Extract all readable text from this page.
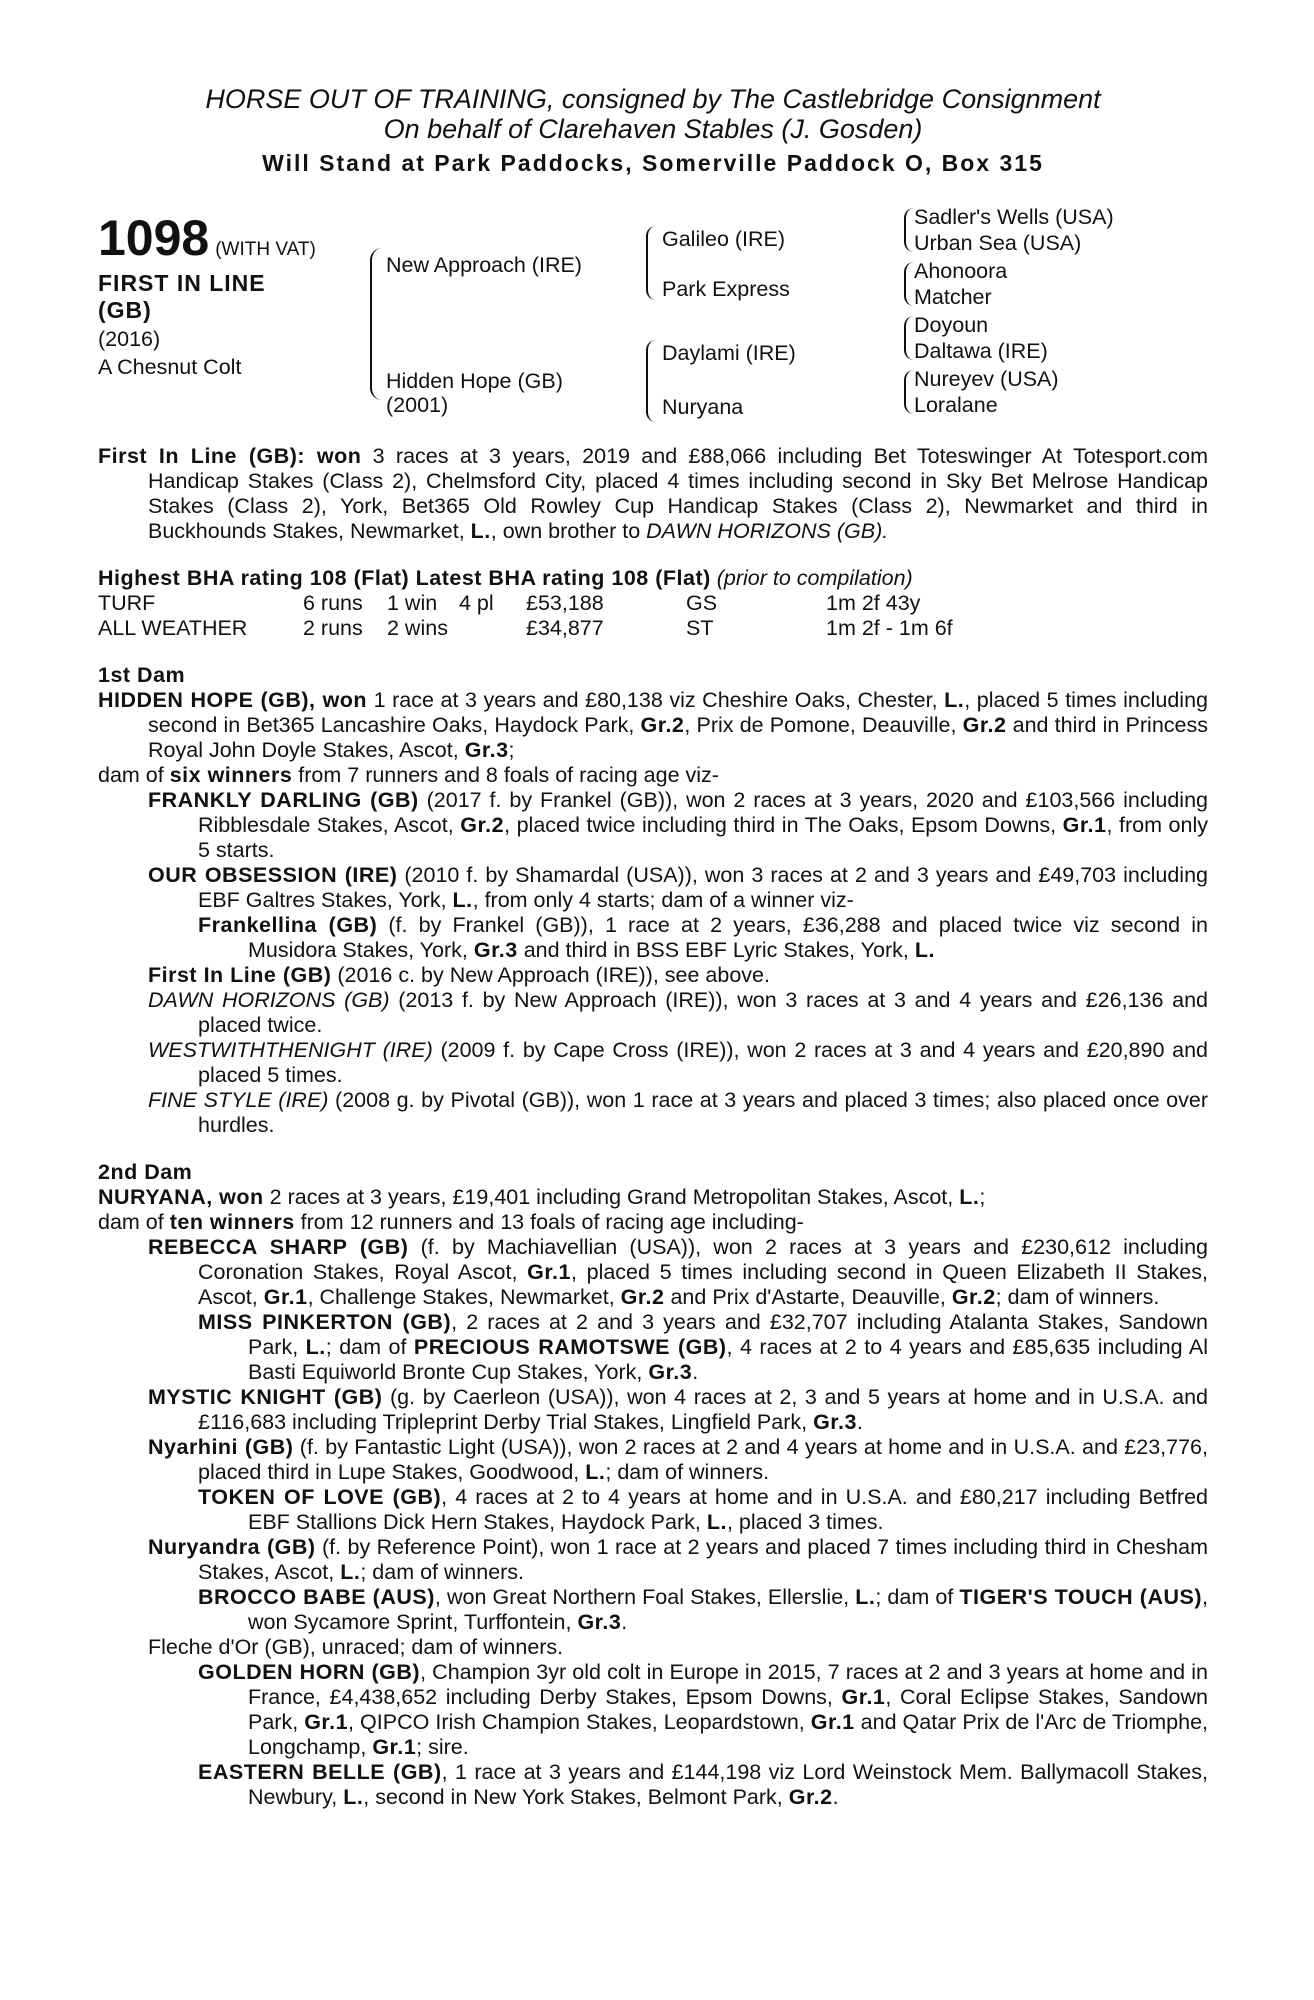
HORSE OUT OF TRAINING, consigned by The Castlebridge Consignment
On behalf of Clarehaven Stables (J. Gosden)
Will Stand at Park Paddocks, Somerville Paddock O, Box 315
1098 (WITH VAT)
FIRST IN LINE
(GB)
(2016)
A Chesnut Colt
New Approach (IRE)
Hidden Hope (GB)
(2001)
Galileo (IRE)
Park Express
Daylami (IRE)
Nuryana
Sadler's Wells (USA)
Urban Sea (USA)
Ahonoora
Matcher
Doyoun
Daltawa (IRE)
Nureyev (USA)
Loralane

First In Line (GB): won 3 races at 3 years, 2019 and £88,066 including Bet Toteswinger At Totesport.com Handicap Stakes (Class 2), Chelmsford City, placed 4 times including second in Sky Bet Melrose Handicap Stakes (Class 2), York, Bet365 Old Rowley Cup Handicap Stakes (Class 2), Newmarket and third in Buckhounds Stakes, Newmarket, L., own brother to DAWN HORIZONS (GB).

Highest BHA rating 108 (Flat) Latest BHA rating 108 (Flat) (prior to compilation)

TURF	6 runs	1 win	4 pl	£53,188	GS	1m 2f 43y
ALL WEATHER	2 runs	2 wins		£34,877	ST	1m 2f - 1m 6f

1st Dam

HIDDEN HOPE (GB), won 1 race at 3 years and £80,138 viz Cheshire Oaks, Chester, L., placed 5 times including second in Bet365 Lancashire Oaks, Haydock Park, Gr.2, Prix de Pomone, Deauville, Gr.2 and third in Princess Royal John Doyle Stakes, Ascot, Gr.3;

dam of six winners from 7 runners and 8 foals of racing age viz-

FRANKLY DARLING (GB) (2017 f. by Frankel (GB)), won 2 races at 3 years, 2020 and £103,566 including Ribblesdale Stakes, Ascot, Gr.2, placed twice including third in The Oaks, Epsom Downs, Gr.1, from only 5 starts.

OUR OBSESSION (IRE) (2010 f. by Shamardal (USA)), won 3 races at 2 and 3 years and £49,703 including EBF Galtres Stakes, York, L., from only 4 starts; dam of a winner viz-

Frankellina (GB) (f. by Frankel (GB)), 1 race at 2 years, £36,288 and placed twice viz second in Musidora Stakes, York, Gr.3 and third in BSS EBF Lyric Stakes, York, L.

First In Line (GB) (2016 c. by New Approach (IRE)), see above.

DAWN HORIZONS (GB) (2013 f. by New Approach (IRE)), won 3 races at 3 and 4 years and £26,136 and placed twice.

WESTWITHTHENIGHT (IRE) (2009 f. by Cape Cross (IRE)), won 2 races at 3 and 4 years and £20,890 and placed 5 times.

FINE STYLE (IRE) (2008 g. by Pivotal (GB)), won 1 race at 3 years and placed 3 times; also placed once over hurdles.

2nd Dam

NURYANA, won 2 races at 3 years, £19,401 including Grand Metropolitan Stakes, Ascot, L.;

dam of ten winners from 12 runners and 13 foals of racing age including-

REBECCA SHARP (GB) (f. by Machiavellian (USA)), won 2 races at 3 years and £230,612 including Coronation Stakes, Royal Ascot, Gr.1, placed 5 times including second in Queen Elizabeth II Stakes, Ascot, Gr.1, Challenge Stakes, Newmarket, Gr.2 and Prix d'Astarte, Deauville, Gr.2; dam of winners.

MISS PINKERTON (GB), 2 races at 2 and 3 years and £32,707 including Atalanta Stakes, Sandown Park, L.; dam of PRECIOUS RAMOTSWE (GB), 4 races at 2 to 4 years and £85,635 including Al Basti Equiworld Bronte Cup Stakes, York, Gr.3.

MYSTIC KNIGHT (GB) (g. by Caerleon (USA)), won 4 races at 2, 3 and 5 years at home and in U.S.A. and £116,683 including Tripleprint Derby Trial Stakes, Lingfield Park, Gr.3.

Nyarhini (GB) (f. by Fantastic Light (USA)), won 2 races at 2 and 4 years at home and in U.S.A. and £23,776, placed third in Lupe Stakes, Goodwood, L.; dam of winners.

TOKEN OF LOVE (GB), 4 races at 2 to 4 years at home and in U.S.A. and £80,217 including Betfred EBF Stallions Dick Hern Stakes, Haydock Park, L., placed 3 times.

Nuryandra (GB) (f. by Reference Point), won 1 race at 2 years and placed 7 times including third in Chesham Stakes, Ascot, L.; dam of winners.

BROCCO BABE (AUS), won Great Northern Foal Stakes, Ellerslie, L.; dam of TIGER'S TOUCH (AUS), won Sycamore Sprint, Turffontein, Gr.3.

Fleche d'Or (GB), unraced; dam of winners.

GOLDEN HORN (GB), Champion 3yr old colt in Europe in 2015, 7 races at 2 and 3 years at home and in France, £4,438,652 including Derby Stakes, Epsom Downs, Gr.1, Coral Eclipse Stakes, Sandown Park, Gr.1, QIPCO Irish Champion Stakes, Leopardstown, Gr.1 and Qatar Prix de l'Arc de Triomphe, Longchamp, Gr.1; sire.

EASTERN BELLE (GB), 1 race at 3 years and £144,198 viz Lord Weinstock Mem. Ballymacoll Stakes, Newbury, L., second in New York Stakes, Belmont Park, Gr.2.
